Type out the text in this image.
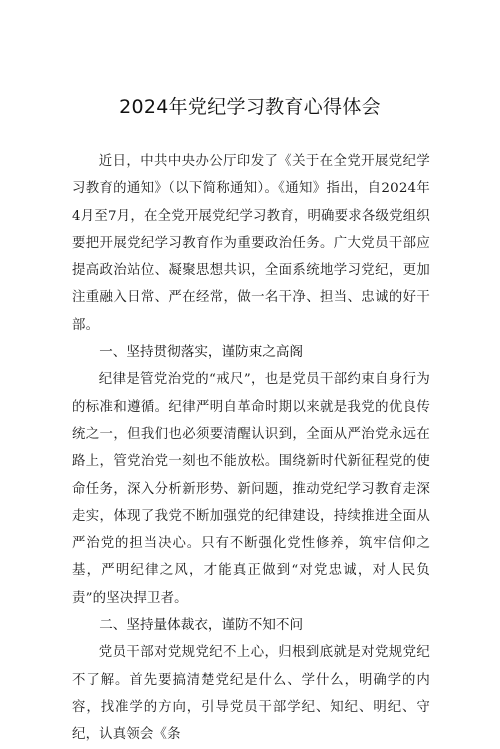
2024年党纪学习教育心得体会

近日，中共中央办公厅印发了《关于在全党开展党纪学习教育的通知》（以下简称通知）。《通知》指出，自2024年4月至7月，在全党开展党纪学习教育，明确要求各级党组织要把开展党纪学习教育作为重要政治任务。广大党员干部应提高政治站位、凝聚思想共识，全面系统地学习党纪，更加注重融入日常、严在经常，做一名干净、担当、忠诚的好干部。

一、坚持贯彻落实，谨防束之高阁

纪律是管党治党的“戒尺”，也是党员干部约束自身行为的标准和遵循。纪律严明自革命时期以来就是我党的优良传统之一，但我们也必须要清醒认识到，全面从严治党永远在路上，管党治党一刻也不能放松。围绕新时代新征程党的使命任务，深入分析新形势、新问题，推动党纪学习教育走深走实，体现了我党不断加强党的纪律建设，持续推进全面从严治党的担当决心。只有不断强化党性修养，筑牢信仰之基，严明纪律之风，才能真正做到“对党忠诚，对人民负责”的坚决捍卫者。

二、坚持量体裁衣，谨防不知不问

党员干部对党规党纪不上心，归根到底就是对党规党纪不了解。首先要搞清楚党纪是什么、学什么，明确学的内容，找准学的方向，引导党员干部学纪、知纪、明纪、守纪，认真领会《条
